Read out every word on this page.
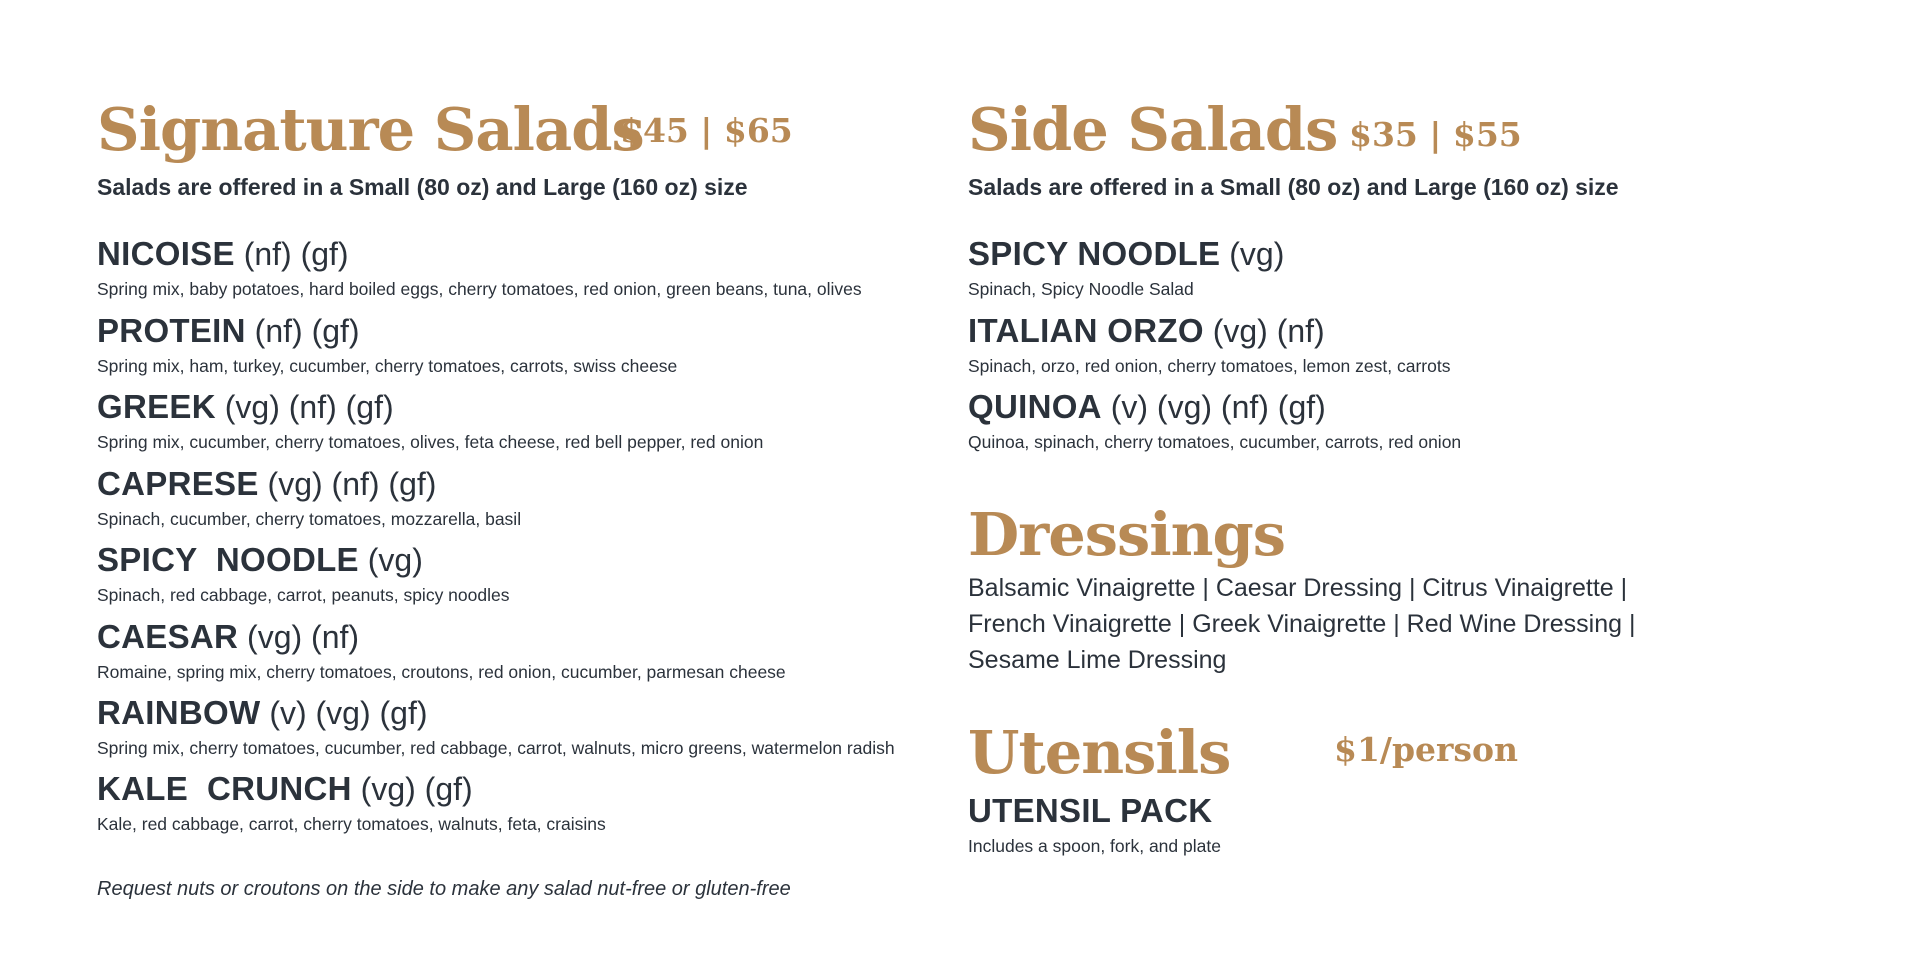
Signature Salads
$45 | $65
Salads are offered in a Small (80 oz) and Large (160 oz) size
NICOISE (nf) (gf)
Spring mix, baby potatoes, hard boiled eggs, cherry tomatoes, red onion, green beans, tuna, olives
PROTEIN (nf) (gf)
Spring mix, ham, turkey, cucumber, cherry tomatoes, carrots, swiss cheese
GREEK (vg) (nf) (gf)
Spring mix, cucumber, cherry tomatoes, olives, feta cheese, red bell pepper, red onion
CAPRESE (vg) (nf) (gf)
Spinach, cucumber, cherry tomatoes, mozzarella, basil
SPICY  NOODLE (vg)
Spinach, red cabbage, carrot, peanuts, spicy noodles
CAESAR (vg) (nf)
Romaine, spring mix, cherry tomatoes, croutons, red onion, cucumber, parmesan cheese
RAINBOW (v) (vg) (gf)
Spring mix, cherry tomatoes, cucumber, red cabbage, carrot, walnuts, micro greens, watermelon radish
KALE  CRUNCH (vg) (gf)
Kale, red cabbage, carrot, cherry tomatoes, walnuts, feta, craisins
Request nuts or croutons on the side to make any salad nut-free or gluten-free
Side Salads $35 | $55
Salads are offered in a Small (80 oz) and Large (160 oz) size
SPICY NOODLE (vg)
Spinach, Spicy Noodle Salad
ITALIAN ORZO (vg) (nf)
Spinach, orzo, red onion, cherry tomatoes, lemon zest, carrots
QUINOA (v) (vg) (nf) (gf)
Quinoa, spinach, cherry tomatoes, cucumber, carrots, red onion
Dressings
Balsamic Vinaigrette | Caesar Dressing | Citrus Vinaigrette | French Vinaigrette | Greek Vinaigrette | Red Wine Dressing | Sesame Lime Dressing
Utensils	$1/person
UTENSIL PACK
Includes a spoon, fork, and plate
